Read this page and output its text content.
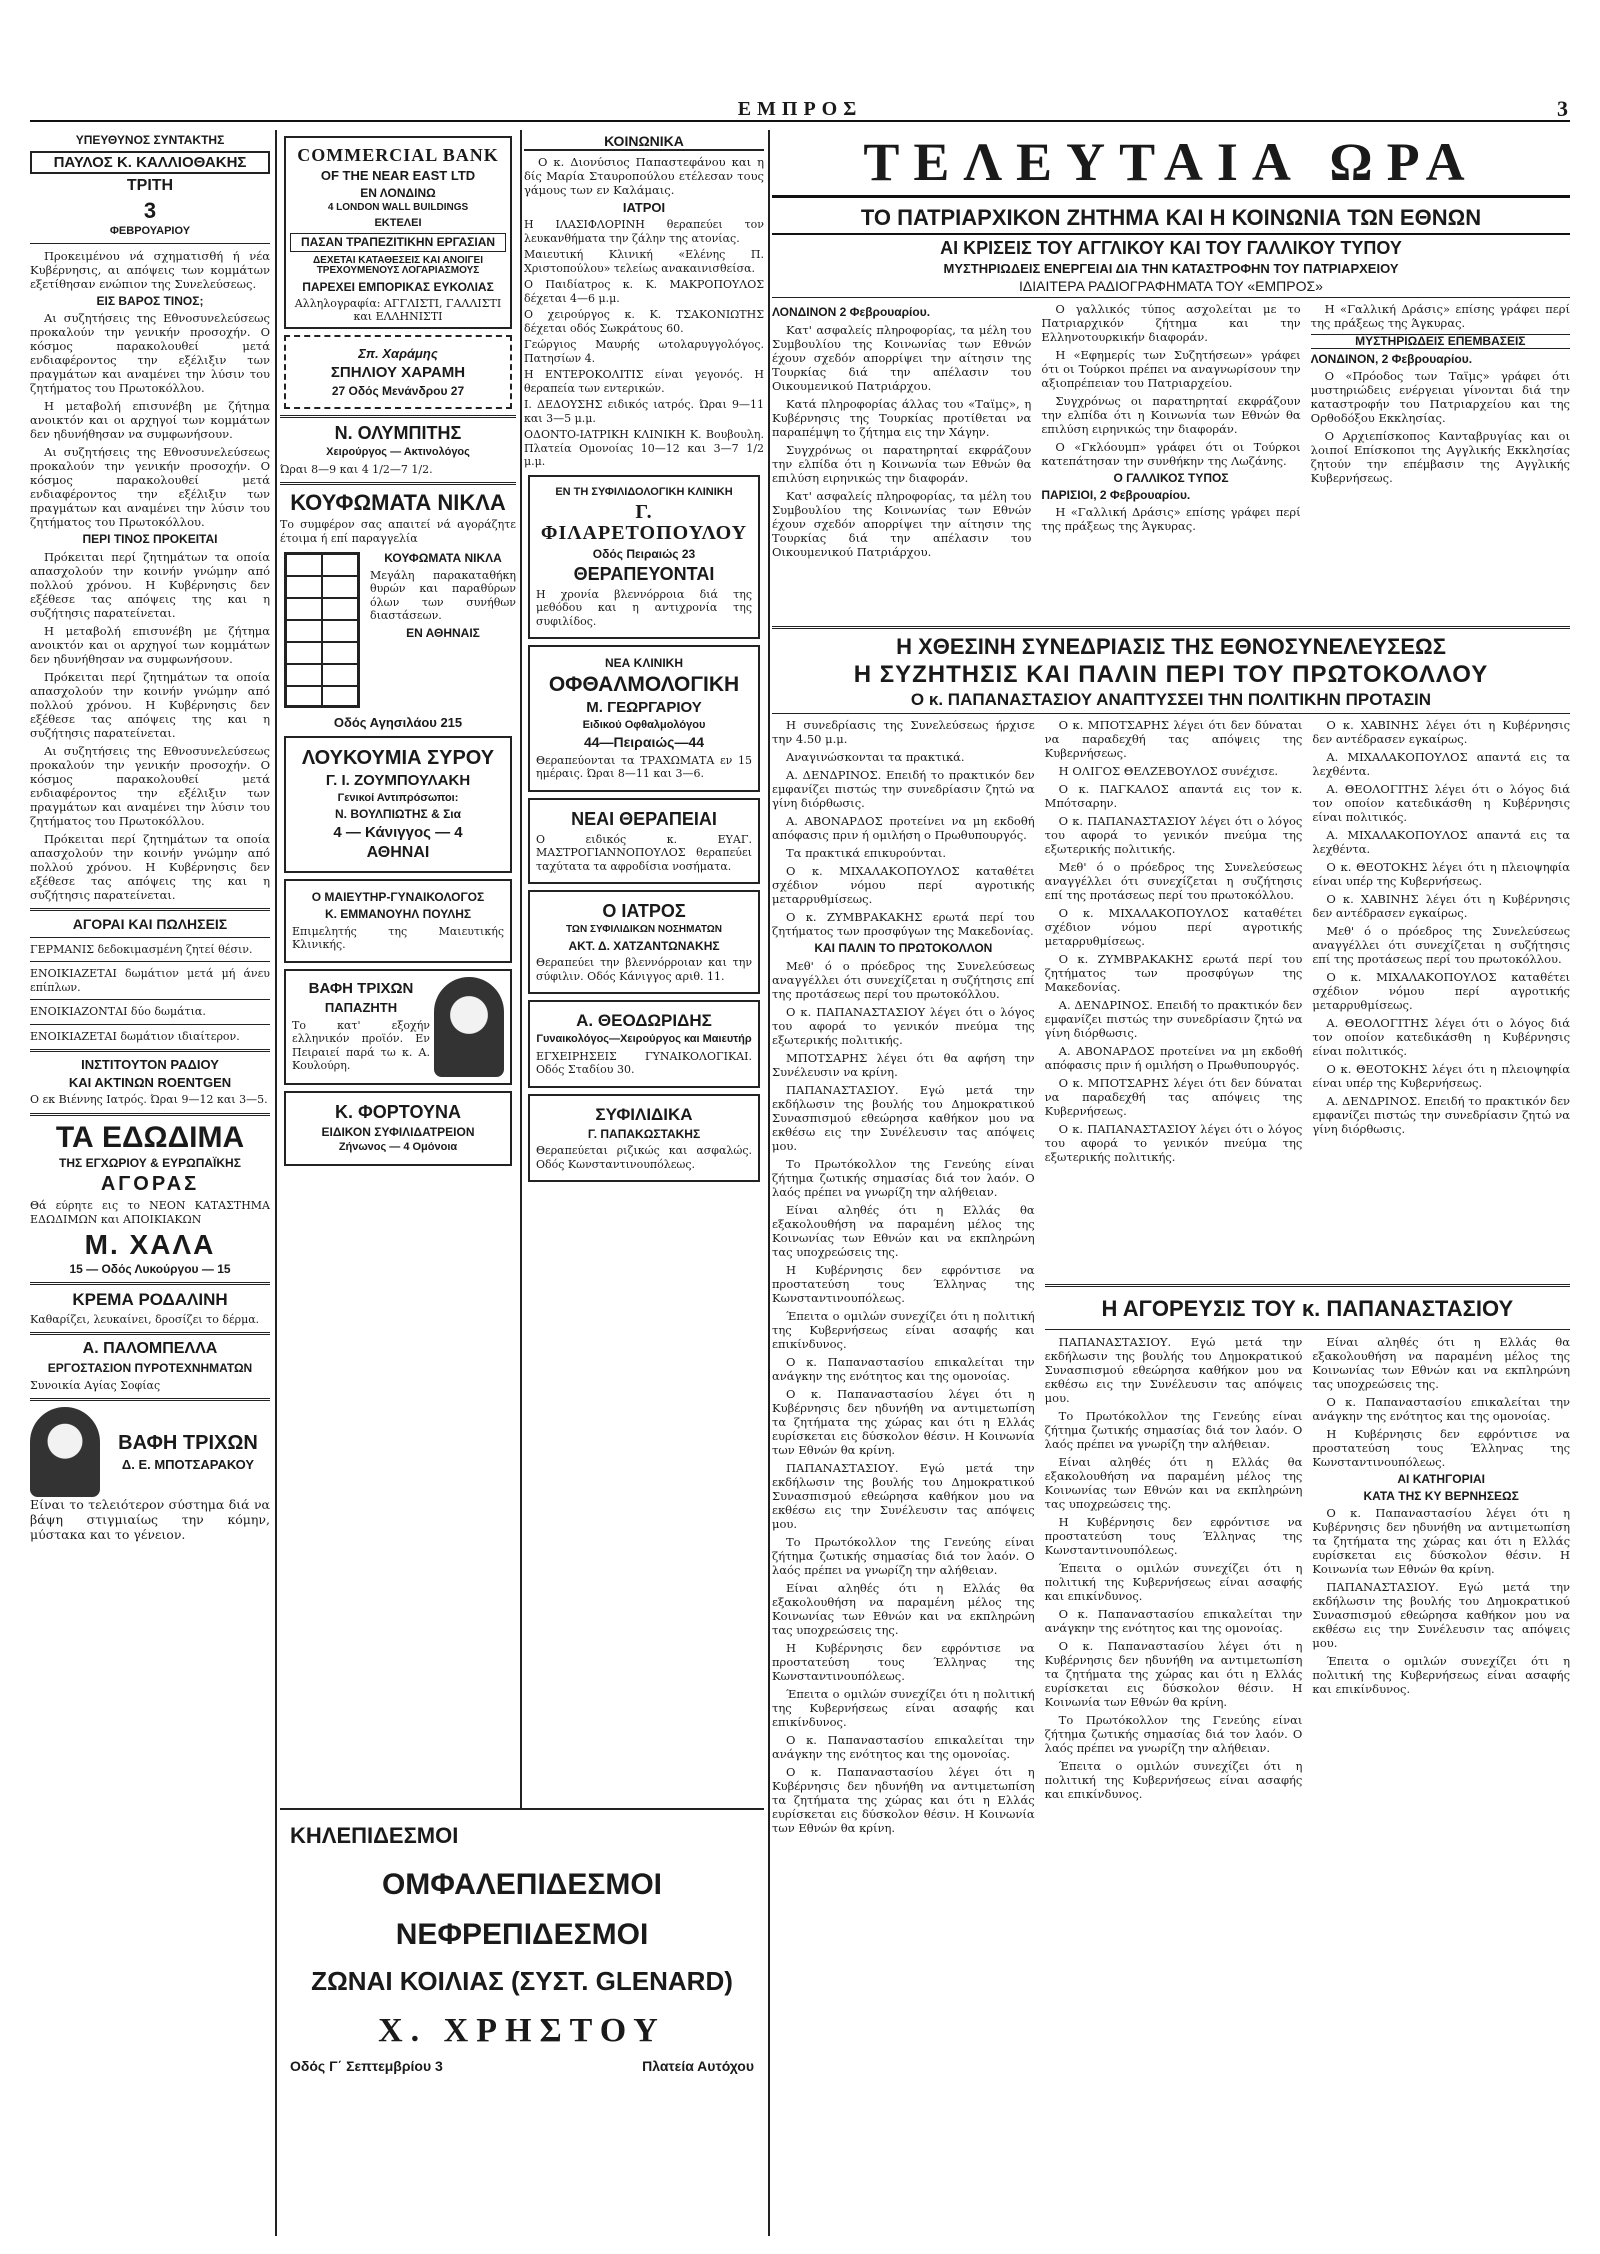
ΕΜΠΡΟΣ	3
ΥΠΕΥΘΥΝΟΣ ΣΥΝΤΑΚΤΗΣ
ΠΑΥΛΟΣ Κ. ΚΑΛΛΙΟΘΑΚΗΣ
ΤΡΙΤΗ
3
ΦΕΒΡΟΥΑΡΙΟΥ

Προκειμένου νά σχηματισθή ή νέα Κυβέρνησις, αι απόψεις των κομμάτων εξετίθησαν ενώπιον της Συνελεύσεως.

ΕΙΣ ΒΑΡΟΣ ΤΙΝΟΣ;

Αι συζητήσεις της Εθνοσυνελεύσεως προκαλούν την γενικήν προσοχήν. Ο κόσμος παρακολουθεί μετά ενδιαφέροντος την εξέλιξιν των πραγμάτων και αναμένει την λύσιν του ζητήματος του Πρωτοκόλλου.

Η μεταβολή επισυνέβη με ζήτημα ανοικτόν και οι αρχηγοί των κομμάτων δεν ηδυνήθησαν να συμφωνήσουν.

Αι συζητήσεις της Εθνοσυνελεύσεως προκαλούν την γενικήν προσοχήν. Ο κόσμος παρακολουθεί μετά ενδιαφέροντος την εξέλιξιν των πραγμάτων και αναμένει την λύσιν του ζητήματος του Πρωτοκόλλου.

ΠΕΡΙ ΤΙΝΟΣ ΠΡΟΚΕΙΤΑΙ

Πρόκειται περί ζητημάτων τα οποία απασχολούν την κοινήν γνώμην από πολλού χρόνου. Η Κυβέρνησις δεν εξέθεσε τας απόψεις της και η συζήτησις παρατείνεται.

Η μεταβολή επισυνέβη με ζήτημα ανοικτόν και οι αρχηγοί των κομμάτων δεν ηδυνήθησαν να συμφωνήσουν.

Πρόκειται περί ζητημάτων τα οποία απασχολούν την κοινήν γνώμην από πολλού χρόνου. Η Κυβέρνησις δεν εξέθεσε τας απόψεις της και η συζήτησις παρατείνεται.

Αι συζητήσεις της Εθνοσυνελεύσεως προκαλούν την γενικήν προσοχήν. Ο κόσμος παρακολουθεί μετά ενδιαφέροντος την εξέλιξιν των πραγμάτων και αναμένει την λύσιν του ζητήματος του Πρωτοκόλλου.

Πρόκειται περί ζητημάτων τα οποία απασχολούν την κοινήν γνώμην από πολλού χρόνου. Η Κυβέρνησις δεν εξέθεσε τας απόψεις της και η συζήτησις παρατείνεται.

ΑΓΟΡΑΙ ΚΑΙ ΠΩΛΗΣΕΙΣ

ΓΕΡΜΑΝΙΣ δεδοκιμασμένη ζητεί θέσιν.

ΕΝΟΙΚΙΑΖΕΤΑΙ δωμάτιον μετά μή άνευ επίπλων.

ΕΝΟΙΚΙΑΖΟΝΤΑΙ δύο δωμάτια.

ΕΝΟΙΚΙΑΖΕΤΑΙ δωμάτιον ιδιαίτερον.

ΙΝΣΤΙΤΟΥΤΟΝ ΡΑΔΙΟΥ
ΚΑΙ ΑΚΤΙΝΩΝ ROENTGEN

Ο εκ Βιέννης Ιατρός. Ώραι 9—12 και 3—5.

ΤΑ ΕΔΩΔΙΜΑ
ΤΗΣ ΕΓΧΩΡΙΟΥ & ΕΥΡΩΠΑΪΚΗΣ
ΑΓΟΡΑΣ

Θά εύρητε εις το ΝΕΟΝ ΚΑΤΑΣΤΗΜΑ ΕΔΩΔΙΜΩΝ και ΑΠΟΙΚΙΑΚΩΝ

Μ. ΧΑΛΑ
15 — Οδός Λυκούργου — 15
ΚΡΕΜΑ ΡΟΔΑΛΙΝΗ

Καθαρίζει, λευκαίνει, δροσίζει το δέρμα.

Α. ΠΑΛΟΜΠΕΛΛΑ
ΕΡΓΟΣΤΑΣΙΟΝ ΠΥΡΟΤΕΧΝΗΜΑΤΩΝ

Συνοικία Αγίας Σοφίας

ΒΑΦΗ ΤΡΙΧΩΝ
Δ. Ε. ΜΠΟΤΣΑΡΑΚΟΥ

Είναι το τελειότερον σύστημα διά να βάψη στιγμιαίως την κόμην, μύστακα και το γένειον.

COMMERCIAL BANK
OF THE NEAR EAST LTD
ΕΝ ΛΟΝΔΙΝΩ
4 LONDON WALL BUILDINGS
ΕΚΤΕΛΕΙ
ΠΑΣΑΝ ΤΡΑΠΕΖΙΤΙΚΗΝ ΕΡΓΑΣΙΑΝ
ΔΕΧΕΤΑΙ ΚΑΤΑΘΕΣΕΙΣ ΚΑΙ ΑΝΟΙΓΕΙ ΤΡΕΧΟΥΜΕΝΟΥΣ ΛΟΓΑΡΙΑΣΜΟΥΣ
ΠΑΡΕΧΕΙ ΕΜΠΟΡΙΚΑΣ ΕΥΚΟΛΙΑΣ
Αλληλογραφία: ΑΓΓΛΙΣΤΙ, ΓΑΛΛΙΣΤΙ και ΕΛΛΗΝΙΣΤΙ
Σπ. Χαράμης
ΣΠΗΛΙΟΥ ΧΑΡΑΜΗ
27 Οδός Μενάνδρου 27
Ν. ΟΛΥΜΠΙΤΗΣ
Χειρούργος — Ακτινολόγος

Ώραι 8—9 και 4 1/2—7 1/2.

ΚΟΥΦΩΜΑΤΑ ΝΙΚΛΑ

Το συμφέρον σας απαιτεί νά αγοράζητε έτοιμα ή επί παραγγελία

ΚΟΥΦΩΜΑΤΑ ΝΙΚΛΑ

Μεγάλη παρακαταθήκη θυρών και παραθύρων όλων των συνήθων διαστάσεων.

ΕΝ ΑΘΗΝΑΙΣ
Οδός Αγησιλάου 215
ΛΟΥΚΟΥΜΙΑ ΣΥΡΟΥ
Γ. Ι. ΖΟΥΜΠΟΥΛΑΚΗ
Γενικοί Αντιπρόσωποι:
Ν. ΒΟΥΛΠΙΩΤΗΣ & Σια
4 — Κάνιγγος — 4
ΑΘΗΝΑΙ
Ο ΜΑΙΕΥΤΗΡ-ΓΥΝΑΙΚΟΛΟΓΟΣ
Κ. ΕΜΜΑΝΟΥΗΛ ΠΟΥΛΗΣ

Επιμελητής της Μαιευτικής Κλινικής.

ΒΑΦΗ ΤΡΙΧΩΝ
ΠΑΠΑΖΗΤΗ

Το κατ' εξοχήν ελληνικόν προϊόν. Εν Πειραιεί παρά τω κ. Α. Κουλούρη.

Κ. ΦΟΡΤΟΥΝΑ
ΕΙΔΙΚΟΝ ΣΥΦΙΛΙΔΑΤΡΕΙΟΝ
Ζήνωνος — 4 Ομόνοια
ΚΟΙΝΩΝΙΚΑ

Ο κ. Διονύσιος Παπαστεφάνου και η δίς Μαρία Σταυροπούλου ετέλεσαν τους γάμους των εν Καλάμαις.

ΙΑΤΡΟΙ

Η ΙΛΑΣΙΦΛΟΡΙΝΗ θεραπεύει τον λευκανθήματα την ζάλην της ατονίας.

Μαιευτική Κλινική «Ελένης Π. Χριστοπούλου» τελείως ανακαινισθείσα.

Ο Παιδίατρος κ. Κ. ΜΑΚΡΟΠΟΥΛΟΣ δέχεται 4—6 μ.μ.

Ο χειρούργος κ. Κ. ΤΣΑΚΟΝΙΩΤΗΣ δέχεται οδός Σωκράτους 60.

Γεώργιος Μαυρής ωτολαρυγγολόγος. Πατησίων 4.

Η ΕΝΤΕΡΟΚΟΛΙΤΙΣ είναι γεγονός. Η θεραπεία των εντερικών.

Ι. ΔΕΔΟΥΣΗΣ ειδικός ιατρός. Ώραι 9—11 και 3—5 μ.μ.

ΟΔΟΝΤΟ-ΙΑΤΡΙΚΗ ΚΛΙΝΙΚΗ Κ. Βουβουλη. Πλατεία Ομονοίας 10—12 και 3—7 1/2 μ.μ.

ΕΝ ΤΗ ΣΥΦΙΛΙΔΟΛΟΓΙΚΗ ΚΛΙΝΙΚΗ
Γ. ΦΙΛΑΡΕΤΟΠΟΥΛΟΥ
Οδός Πειραιώς 23
ΘΕΡΑΠΕΥΟΝΤΑΙ

Η χρονία βλεννόρροια διά της μεθόδου και η αντιχρονία της συφιλίδος.

ΝΕΑ ΚΛΙΝΙΚΗ
ΟΦΘΑΛΜΟΛΟΓΙΚΗ
Μ. ΓΕΩΡΓΑΡΙΟΥ
Ειδικού Οφθαλμολόγου
44—Πειραιώς—44

Θεραπεύονται τα ΤΡΑΧΩΜΑΤΑ εν 15 ημέραις. Ώραι 8—11 και 3—6.

ΝΕΑΙ ΘΕΡΑΠΕΙΑΙ

Ο ειδικός κ. ΕΥΑΓ. ΜΑΣΤΡΟΓΙΑΝΝΟΠΟΥΛΟΣ θεραπεύει ταχύτατα τα αφροδίσια νοσήματα.

Ο ΙΑΤΡΟΣ
ΤΩΝ ΣΥΦΙΛΙΔΙΚΩΝ ΝΟΣΗΜΑΤΩΝ
ΑΚΤ. Δ. ΧΑΤΖΑΝΤΩΝΑΚΗΣ

Θεραπεύει την βλεννόρροιαν και την σύφιλιν. Οδός Κάνιγγος αριθ. 11.

Α. ΘΕΟΔΩΡΙΔΗΣ
Γυναικολόγος—Χειρούργος και Μαιευτήρ

ΕΓΧΕΙΡΗΣΕΙΣ ΓΥΝΑΙΚΟΛΟΓΙΚΑΙ. Οδός Σταδίου 30.

ΣΥΦΙΛΙΔΙΚΑ
Γ. ΠΑΠΑΚΩΣΤΑΚΗΣ

Θεραπεύεται ριζικώς και ασφαλώς. Οδός Κωνσταντινουπόλεως.

ΚΗΛΕΠΙΔΕΣΜΟΙ
ΟΜΦΑΛΕΠΙΔΕΣΜΟΙ
ΝΕΦΡΕΠΙΔΕΣΜΟΙ
ΖΩΝΑΙ ΚΟΙΛΙΑΣ (ΣΥΣΤ. GLENARD)
Χ. ΧΡΗΣΤΟΥ
Οδός Γ΄ Σεπτεμβρίου 3	Πλατεία Αυτόχου
ΤΕΛΕΥΤΑΙΑ ΩΡΑ
ΤΟ ΠΑΤΡΙΑΡΧΙΚΟΝ ΖΗΤΗΜΑ ΚΑΙ Η ΚΟΙΝΩΝΙΑ ΤΩΝ ΕΘΝΩΝ
ΑΙ ΚΡΙΣΕΙΣ ΤΟΥ ΑΓΓΛΙΚΟΥ ΚΑΙ ΤΟΥ ΓΑΛΛΙΚΟΥ ΤΥΠΟΥ
ΜΥΣΤΗΡΙΩΔΕΙΣ ΕΝΕΡΓΕΙΑΙ ΔΙΑ ΤΗΝ ΚΑΤΑΣΤΡΟΦΗΝ ΤΟΥ ΠΑΤΡΙΑΡΧΕΙΟΥ
ΙΔΙΑΙΤΕΡΑ ΡΑΔΙΟΓΡΑΦΗΜΑΤΑ ΤΟΥ «ΕΜΠΡΟΣ»
ΛΟΝΔΙΝΟΝ 2 Φεβρουαρίου.

Κατ' ασφαλείς πληροφορίας, τα μέλη του Συμβουλίου της Κοινωνίας των Εθνών έχουν σχεδόν απορρίψει την αίτησιν της Τουρκίας διά την απέλασιν του Οικουμενικού Πατριάρχου.

Κατά πληροφορίας άλλας του «Ταϊμς», η Κυβέρνησις της Τουρκίας προτίθεται να παραπέμψη το ζήτημα εις την Χάγην.

Συγχρόνως οι παρατηρηταί εκφράζουν την ελπίδα ότι η Κοινωνία των Εθνών θα επιλύση ειρηνικώς την διαφοράν.

Κατ' ασφαλείς πληροφορίας, τα μέλη του Συμβουλίου της Κοινωνίας των Εθνών έχουν σχεδόν απορρίψει την αίτησιν της Τουρκίας διά την απέλασιν του Οικουμενικού Πατριάρχου.

Ο γαλλικός τύπος ασχολείται με το Πατριαρχικόν ζήτημα και την Ελληνοτουρκικήν διαφοράν.

Η «Εφημερίς των Συζητήσεων» γράφει ότι οι Τούρκοι πρέπει να αναγνωρίσουν την αξιοπρέπειαν του Πατριαρχείου.

Συγχρόνως οι παρατηρηταί εκφράζουν την ελπίδα ότι η Κοινωνία των Εθνών θα επιλύση ειρηνικώς την διαφοράν.

Ο «Γκλόουμπ» γράφει ότι οι Τούρκοι κατεπάτησαν την συνθήκην της Λωζάνης.

Ο ΓΑΛΛΙΚΟΣ ΤΥΠΟΣ
ΠΑΡΙΣΙΟΙ, 2 Φεβρουαρίου.

Η «Γαλλική Δράσις» επίσης γράφει περί της πράξεως της Άγκυρας.

Η «Γαλλική Δράσις» επίσης γράφει περί της πράξεως της Άγκυρας.

ΜΥΣΤΗΡΙΩΔΕΙΣ ΕΠΕΜΒΑΣΕΙΣ
ΛΟΝΔΙΝΟΝ, 2 Φεβρουαρίου.

Ο «Πρόοδος των Ταϊμς» γράφει ότι μυστηριώδεις ενέργειαι γίνονται διά την καταστροφήν του Πατριαρχείου και της Ορθοδόξου Εκκλησίας.

Ο Αρχιεπίσκοπος Κανταβρυγίας και οι λοιποί Επίσκοποι της Αγγλικής Εκκλησίας ζητούν την επέμβασιν της Αγγλικής Κυβερνήσεως.

Η ΧΘΕΣΙΝΗ ΣΥΝΕΔΡΙΑΣΙΣ ΤΗΣ ΕΘΝΟΣΥΝΕΛΕΥΣΕΩΣ
Η ΣΥΖΗΤΗΣΙΣ ΚΑΙ ΠΑΛΙΝ ΠΕΡΙ ΤΟΥ ΠΡΩΤΟΚΟΛΛΟΥ
Ο κ. ΠΑΠΑΝΑΣΤΑΣΙΟΥ ΑΝΑΠΤΥΣΣΕΙ ΤΗΝ ΠΟΛΙΤΙΚΗΝ ΠΡΟΤΑΣΙΝ

Η συνεδρίασις της Συνελεύσεως ήρχισε την 4.50 μ.μ.

Αναγινώσκονται τα πρακτικά.

Α. ΔΕΝΔΡΙΝΟΣ. Επειδή το πρακτικόν δεν εμφανίζει πιστώς την συνεδρίασιν ζητώ να γίνη διόρθωσις.

Α. ΑΒΟΝΑΡΔΟΣ προτείνει να μη εκδοθή απόφασις πριν ή ομιλήση ο Πρωθυπουργός.

Τα πρακτικά επικυρούνται.

Ο κ. ΜΙΧΑΛΑΚΟΠΟΥΛΟΣ καταθέτει σχέδιον νόμου περί αγροτικής μεταρρυθμίσεως.

Ο κ. ΖΥΜΒΡΑΚΑΚΗΣ ερωτά περί του ζητήματος των προσφύγων της Μακεδονίας.

ΚΑΙ ΠΑΛΙΝ ΤΟ ΠΡΩΤΟΚΟΛΛΟΝ

Μεθ' ό ο πρόεδρος της Συνελεύσεως αναγγέλλει ότι συνεχίζεται η συζήτησις επί της προτάσεως περί του πρωτοκόλλου.

Ο κ. ΠΑΠΑΝΑΣΤΑΣΙΟΥ λέγει ότι ο λόγος του αφορά το γενικόν πνεύμα της εξωτερικής πολιτικής.

ΜΠΟΤΣΑΡΗΣ λέγει ότι θα αφήση την Συνέλευσιν να κρίνη.

ΠΑΠΑΝΑΣΤΑΣΙΟΥ. Εγώ μετά την εκδήλωσιν της βουλής του Δημοκρατικού Συνασπισμού εθεώρησα καθήκον μου να εκθέσω εις την Συνέλευσιν τας απόψεις μου.

Το Πρωτόκολλον της Γενεύης είναι ζήτημα ζωτικής σημασίας διά τον λαόν. Ο λαός πρέπει να γνωρίζη την αλήθειαν.

Είναι αληθές ότι η Ελλάς θα εξακολουθήση να παραμένη μέλος της Κοινωνίας των Εθνών και να εκπληρώνη τας υποχρεώσεις της.

Η Κυβέρνησις δεν εφρόντισε να προστατεύση τους Έλληνας της Κωνσταντινουπόλεως.

Έπειτα ο ομιλών συνεχίζει ότι η πολιτική της Κυβερνήσεως είναι ασαφής και επικίνδυνος.

Ο κ. Παπαναστασίου επικαλείται την ανάγκην της ενότητος και της ομονοίας.

Ο κ. Παπαναστασίου λέγει ότι η Κυβέρνησις δεν ηδυνήθη να αντιμετωπίση τα ζητήματα της χώρας και ότι η Ελλάς ευρίσκεται εις δύσκολον θέσιν. Η Κοινωνία των Εθνών θα κρίνη.

ΠΑΠΑΝΑΣΤΑΣΙΟΥ. Εγώ μετά την εκδήλωσιν της βουλής του Δημοκρατικού Συνασπισμού εθεώρησα καθήκον μου να εκθέσω εις την Συνέλευσιν τας απόψεις μου.

Το Πρωτόκολλον της Γενεύης είναι ζήτημα ζωτικής σημασίας διά τον λαόν. Ο λαός πρέπει να γνωρίζη την αλήθειαν.

Είναι αληθές ότι η Ελλάς θα εξακολουθήση να παραμένη μέλος της Κοινωνίας των Εθνών και να εκπληρώνη τας υποχρεώσεις της.

Η Κυβέρνησις δεν εφρόντισε να προστατεύση τους Έλληνας της Κωνσταντινουπόλεως.

Έπειτα ο ομιλών συνεχίζει ότι η πολιτική της Κυβερνήσεως είναι ασαφής και επικίνδυνος.

Ο κ. Παπαναστασίου επικαλείται την ανάγκην της ενότητος και της ομονοίας.

Ο κ. Παπαναστασίου λέγει ότι η Κυβέρνησις δεν ηδυνήθη να αντιμετωπίση τα ζητήματα της χώρας και ότι η Ελλάς ευρίσκεται εις δύσκολον θέσιν. Η Κοινωνία των Εθνών θα κρίνη.

Ο κ. ΜΠΟΤΣΑΡΗΣ λέγει ότι δεν δύναται να παραδεχθή τας απόψεις της Κυβερνήσεως.

Η ΟΛΙΓΟΣ ΘΕΛΖΕΒΟΥΛΟΣ συνέχισε.

Ο κ. ΠΑΓΚΑΛΟΣ απαντά εις τον κ. Μπότσαρην.

Ο κ. ΠΑΠΑΝΑΣΤΑΣΙΟΥ λέγει ότι ο λόγος του αφορά το γενικόν πνεύμα της εξωτερικής πολιτικής.

Μεθ' ό ο πρόεδρος της Συνελεύσεως αναγγέλλει ότι συνεχίζεται η συζήτησις επί της προτάσεως περί του πρωτοκόλλου.

Ο κ. ΜΙΧΑΛΑΚΟΠΟΥΛΟΣ καταθέτει σχέδιον νόμου περί αγροτικής μεταρρυθμίσεως.

Ο κ. ΖΥΜΒΡΑΚΑΚΗΣ ερωτά περί του ζητήματος των προσφύγων της Μακεδονίας.

Α. ΔΕΝΔΡΙΝΟΣ. Επειδή το πρακτικόν δεν εμφανίζει πιστώς την συνεδρίασιν ζητώ να γίνη διόρθωσις.

Α. ΑΒΟΝΑΡΔΟΣ προτείνει να μη εκδοθή απόφασις πριν ή ομιλήση ο Πρωθυπουργός.

Ο κ. ΜΠΟΤΣΑΡΗΣ λέγει ότι δεν δύναται να παραδεχθή τας απόψεις της Κυβερνήσεως.

Ο κ. ΠΑΠΑΝΑΣΤΑΣΙΟΥ λέγει ότι ο λόγος του αφορά το γενικόν πνεύμα της εξωτερικής πολιτικής.

Ο κ. ΧΑΒΙΝΗΣ λέγει ότι η Κυβέρνησις δεν αντέδρασεν εγκαίρως.

Α. ΜΙΧΑΛΑΚΟΠΟΥΛΟΣ απαντά εις τα λεχθέντα.

Α. ΘΕΟΛΟΓΙΤΗΣ λέγει ότι ο λόγος διά τον οποίον κατεδικάσθη η Κυβέρνησις είναι πολιτικός.

Α. ΜΙΧΑΛΑΚΟΠΟΥΛΟΣ απαντά εις τα λεχθέντα.

Ο κ. ΘΕΟΤΟΚΗΣ λέγει ότι η πλειοψηφία είναι υπέρ της Κυβερνήσεως.

Ο κ. ΧΑΒΙΝΗΣ λέγει ότι η Κυβέρνησις δεν αντέδρασεν εγκαίρως.

Μεθ' ό ο πρόεδρος της Συνελεύσεως αναγγέλλει ότι συνεχίζεται η συζήτησις επί της προτάσεως περί του πρωτοκόλλου.

Ο κ. ΜΙΧΑΛΑΚΟΠΟΥΛΟΣ καταθέτει σχέδιον νόμου περί αγροτικής μεταρρυθμίσεως.

Α. ΘΕΟΛΟΓΙΤΗΣ λέγει ότι ο λόγος διά τον οποίον κατεδικάσθη η Κυβέρνησις είναι πολιτικός.

Ο κ. ΘΕΟΤΟΚΗΣ λέγει ότι η πλειοψηφία είναι υπέρ της Κυβερνήσεως.

Α. ΔΕΝΔΡΙΝΟΣ. Επειδή το πρακτικόν δεν εμφανίζει πιστώς την συνεδρίασιν ζητώ να γίνη διόρθωσις.

Η ΑΓΟΡΕΥΣΙΣ ΤΟΥ κ. ΠΑΠΑΝΑΣΤΑΣΙΟΥ

ΠΑΠΑΝΑΣΤΑΣΙΟΥ. Εγώ μετά την εκδήλωσιν της βουλής του Δημοκρατικού Συνασπισμού εθεώρησα καθήκον μου να εκθέσω εις την Συνέλευσιν τας απόψεις μου.

Το Πρωτόκολλον της Γενεύης είναι ζήτημα ζωτικής σημασίας διά τον λαόν. Ο λαός πρέπει να γνωρίζη την αλήθειαν.

Είναι αληθές ότι η Ελλάς θα εξακολουθήση να παραμένη μέλος της Κοινωνίας των Εθνών και να εκπληρώνη τας υποχρεώσεις της.

Η Κυβέρνησις δεν εφρόντισε να προστατεύση τους Έλληνας της Κωνσταντινουπόλεως.

Έπειτα ο ομιλών συνεχίζει ότι η πολιτική της Κυβερνήσεως είναι ασαφής και επικίνδυνος.

Ο κ. Παπαναστασίου επικαλείται την ανάγκην της ενότητος και της ομονοίας.

Ο κ. Παπαναστασίου λέγει ότι η Κυβέρνησις δεν ηδυνήθη να αντιμετωπίση τα ζητήματα της χώρας και ότι η Ελλάς ευρίσκεται εις δύσκολον θέσιν. Η Κοινωνία των Εθνών θα κρίνη.

Το Πρωτόκολλον της Γενεύης είναι ζήτημα ζωτικής σημασίας διά τον λαόν. Ο λαός πρέπει να γνωρίζη την αλήθειαν.

Έπειτα ο ομιλών συνεχίζει ότι η πολιτική της Κυβερνήσεως είναι ασαφής και επικίνδυνος.

Είναι αληθές ότι η Ελλάς θα εξακολουθήση να παραμένη μέλος της Κοινωνίας των Εθνών και να εκπληρώνη τας υποχρεώσεις της.

Ο κ. Παπαναστασίου επικαλείται την ανάγκην της ενότητος και της ομονοίας.

Η Κυβέρνησις δεν εφρόντισε να προστατεύση τους Έλληνας της Κωνσταντινουπόλεως.

ΑΙ ΚΑΤΗΓΟΡΙΑΙ
ΚΑΤΑ ΤΗΣ ΚΥ ΒΕΡΝΗΣΕΩΣ

Ο κ. Παπαναστασίου λέγει ότι η Κυβέρνησις δεν ηδυνήθη να αντιμετωπίση τα ζητήματα της χώρας και ότι η Ελλάς ευρίσκεται εις δύσκολον θέσιν. Η Κοινωνία των Εθνών θα κρίνη.

ΠΑΠΑΝΑΣΤΑΣΙΟΥ. Εγώ μετά την εκδήλωσιν της βουλής του Δημοκρατικού Συνασπισμού εθεώρησα καθήκον μου να εκθέσω εις την Συνέλευσιν τας απόψεις μου.

Έπειτα ο ομιλών συνεχίζει ότι η πολιτική της Κυβερνήσεως είναι ασαφής και επικίνδυνος.
